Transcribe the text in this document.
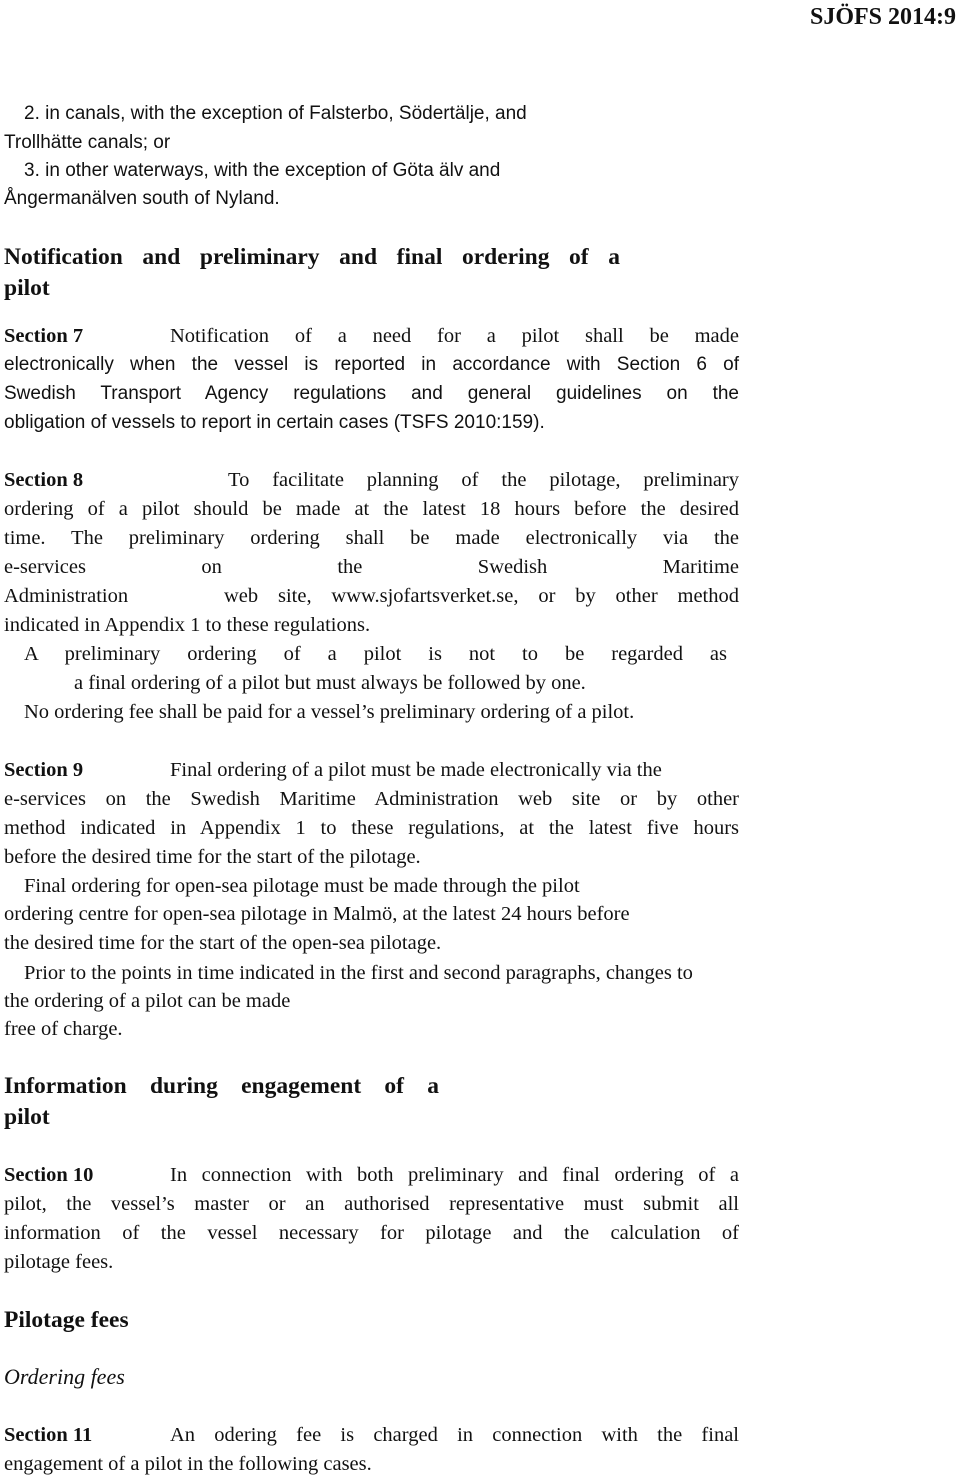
SJÖFS 2014:9
2. in canals, with the exception of Falsterbo, Södertälje, and
Trollhätte canals; or
3. in other waterways, with the exception of Göta älv and
Ångermanälven south of Nyland.
Notification and preliminary and final ordering of a
pilot
Section 7	Notification of a need for a pilot shall be made
electronically when the vessel is reported in accordance with Section 6 of
Swedish Transport Agency regulations and general guidelines on the
obligation of vessels to report in certain cases (TSFS 2010:159).
Section 8	To facilitate planning of the pilotage, preliminary
ordering of a pilot should be made at the latest 18 hours before the desired
time. The preliminary ordering shall be made electronically via the
e-services on the Swedish Maritime
Administration	web site, www.sjofartsverket.se, or by other method
indicated in Appendix 1 to these regulations.
A preliminary ordering of a pilot is not to be regarded as
a final ordering of a pilot but must always be followed by one.
No ordering fee shall be paid for a vessel’s preliminary ordering of a pilot.
Section 9	Final ordering of a pilot must be made electronically via the
e-services on the Swedish Maritime Administration web site or by other
method indicated in Appendix 1 to these regulations, at the latest five hours
before the desired time for the start of the pilotage.
Final ordering for open-sea pilotage must be made through the pilot
ordering centre for open-sea pilotage in Malmö, at the latest 24 hours before
the desired time for the start of the open-sea pilotage.
Prior to the points in time indicated in the first and second paragraphs, changes to
the ordering of a pilot can be made
free of charge.
Information during engagement of a
pilot
Section 10	In connection with both preliminary and final ordering of a
pilot, the vessel’s master or an authorised representative must submit all
information of the vessel necessary for pilotage and the calculation of
pilotage fees.
Pilotage fees
Ordering fees
Section 11	An odering fee is charged in connection with the final
engagement of a pilot in the following cases.
